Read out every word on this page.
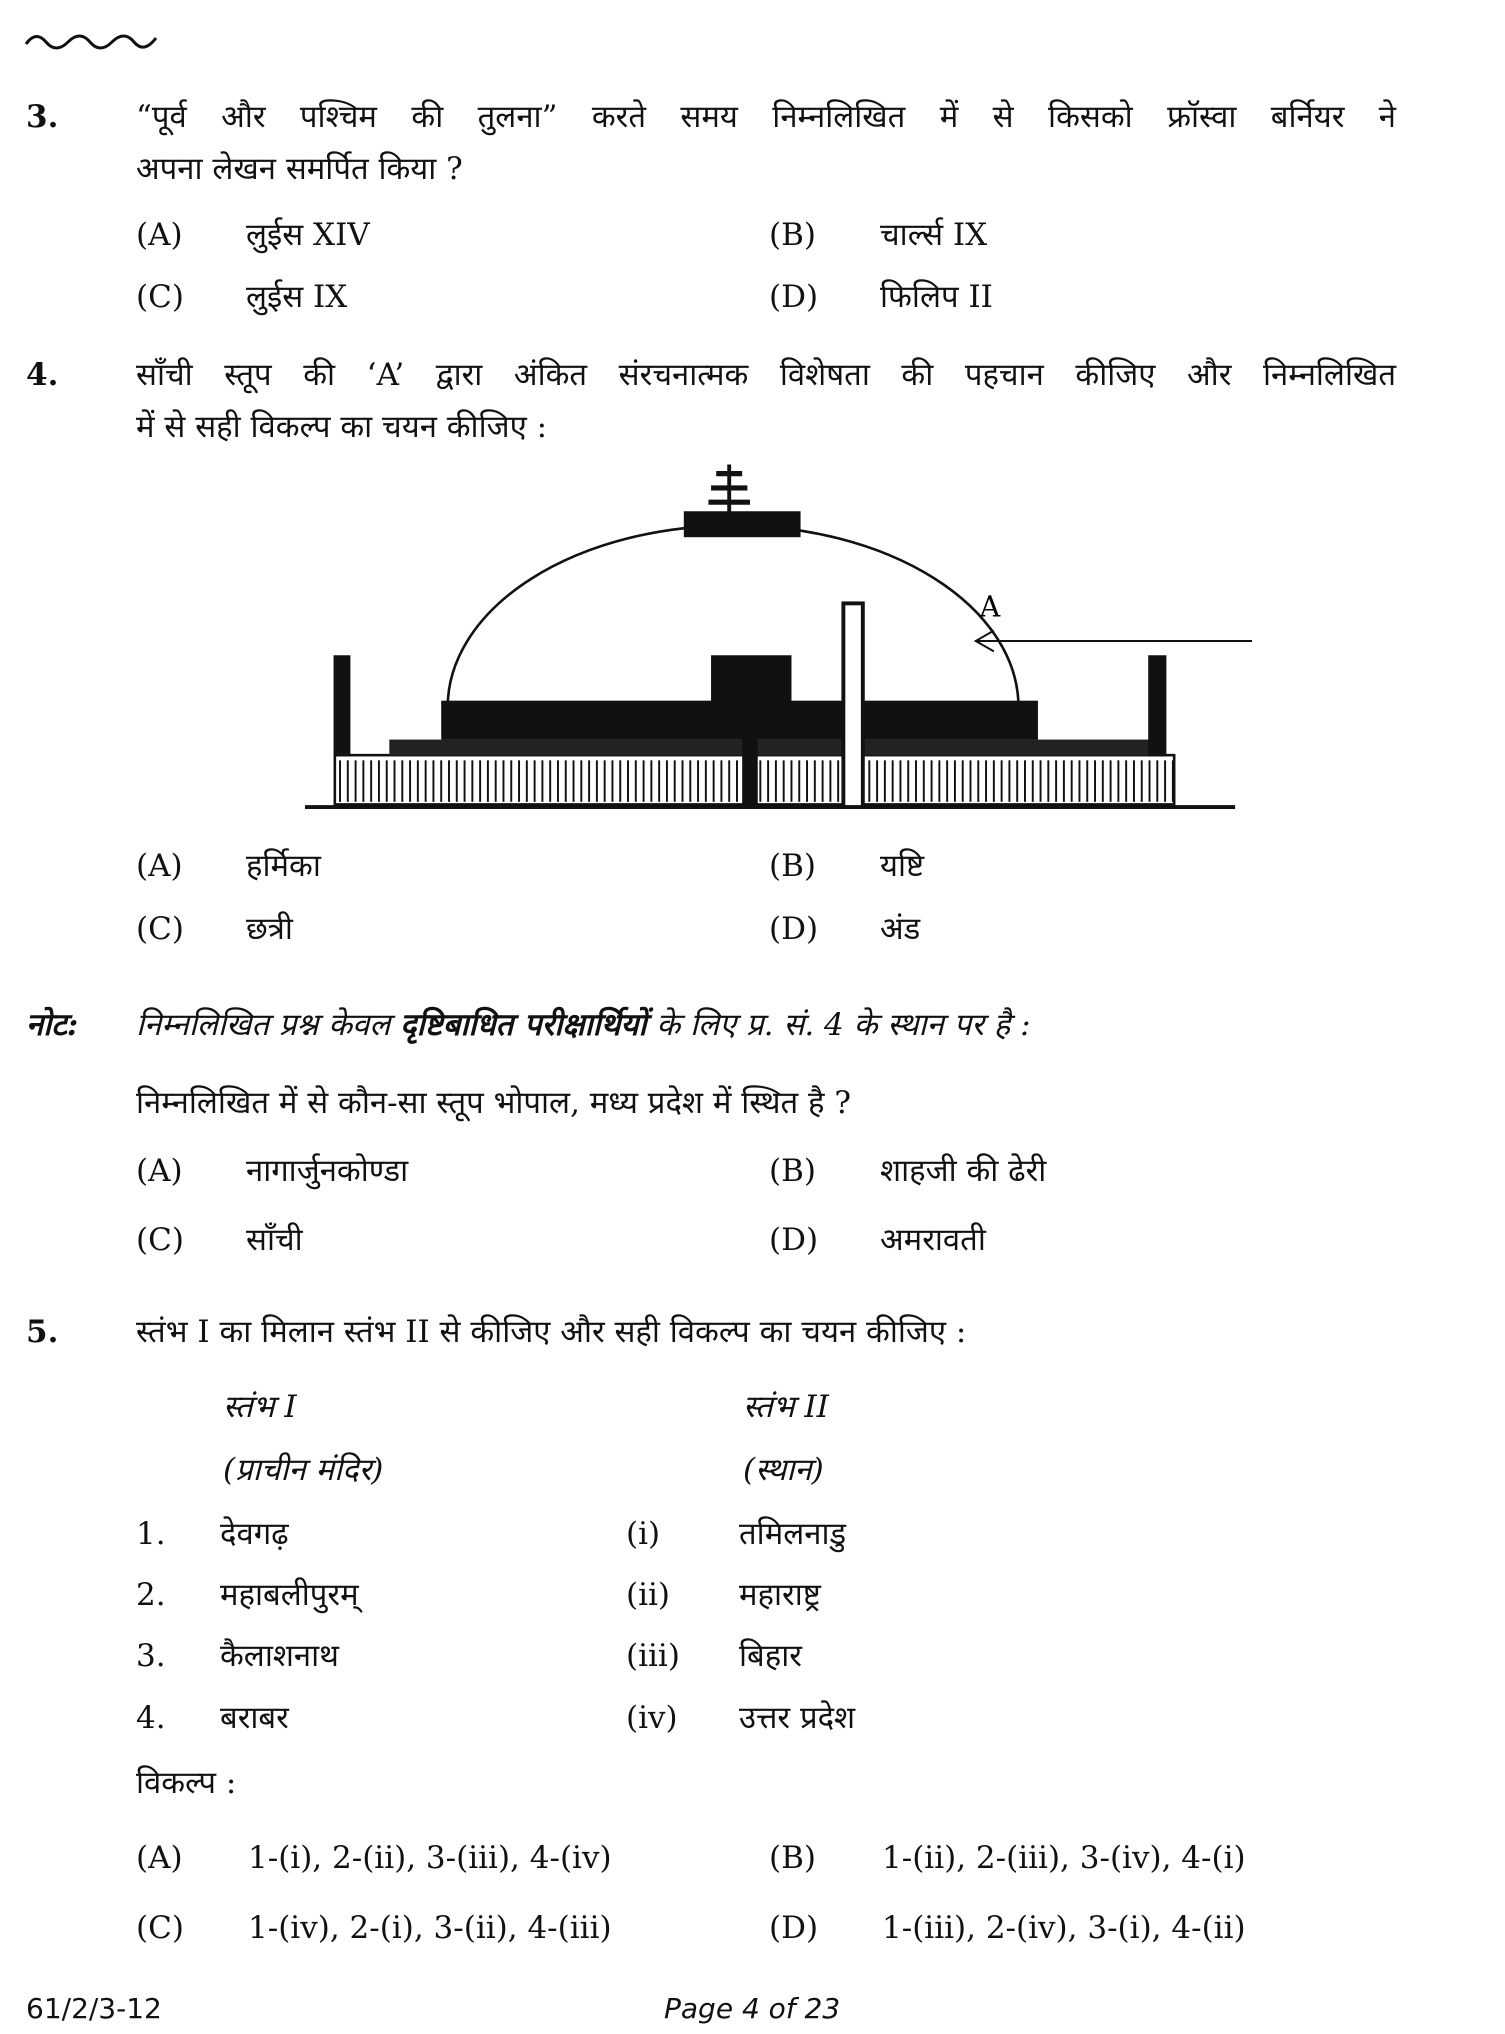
3.	“पूर्व और पश्चिम की तुलना” करते समय निम्नलिखित में से किसको फ्रॉस्वा बर्नियर ने
अपना लेखन समर्पित किया ?
(A) लुईस XIV	(B) चार्ल्स IX
(C) लुईस IX	(D) फिलिप II
4.	साँची स्तूप की ‘A’ द्वारा अंकित संरचनात्मक विशेषता की पहचान कीजिए और निम्नलिखित
में से सही विकल्प का चयन कीजिए :
A
(A) हर्मिका	(B) यष्टि
(C) छत्री	(D) अंड
नोट: निम्नलिखित प्रश्न केवल दृष्टिबाधित परीक्षार्थियों के लिए प्र. सं. 4 के स्थान पर है :
निम्नलिखित में से कौन-सा स्तूप भोपाल, मध्य प्रदेश में स्थित है ?
(A) नागार्जुनकोण्डा	(B) शाहजी की ढेरी
(C) साँची	(D) अमरावती
5.	स्तंभ I का मिलान स्तंभ II से कीजिए और सही विकल्प का चयन कीजिए :
स्तंभ I
(प्राचीन मंदिर)
स्तंभ II
(स्थान)
1. देवगढ़	(i)	तमिलनाडु
2. महाबलीपुरम्	(ii) महाराष्ट्र
3. कैलाशनाथ	(iii) बिहार
4. बराबर	(iv) उत्तर प्रदेश
विकल्प :
(A) 1-(i), 2-(ii), 3-(iii), 4-(iv)	(B) 1-(ii), 2-(iii), 3-(iv), 4-(i)
(C) 1-(iv), 2-(i), 3-(ii), 4-(iii)	(D) 1-(iii), 2-(iv), 3-(i), 4-(ii)
61/2/3-12	Page 4 of 23
